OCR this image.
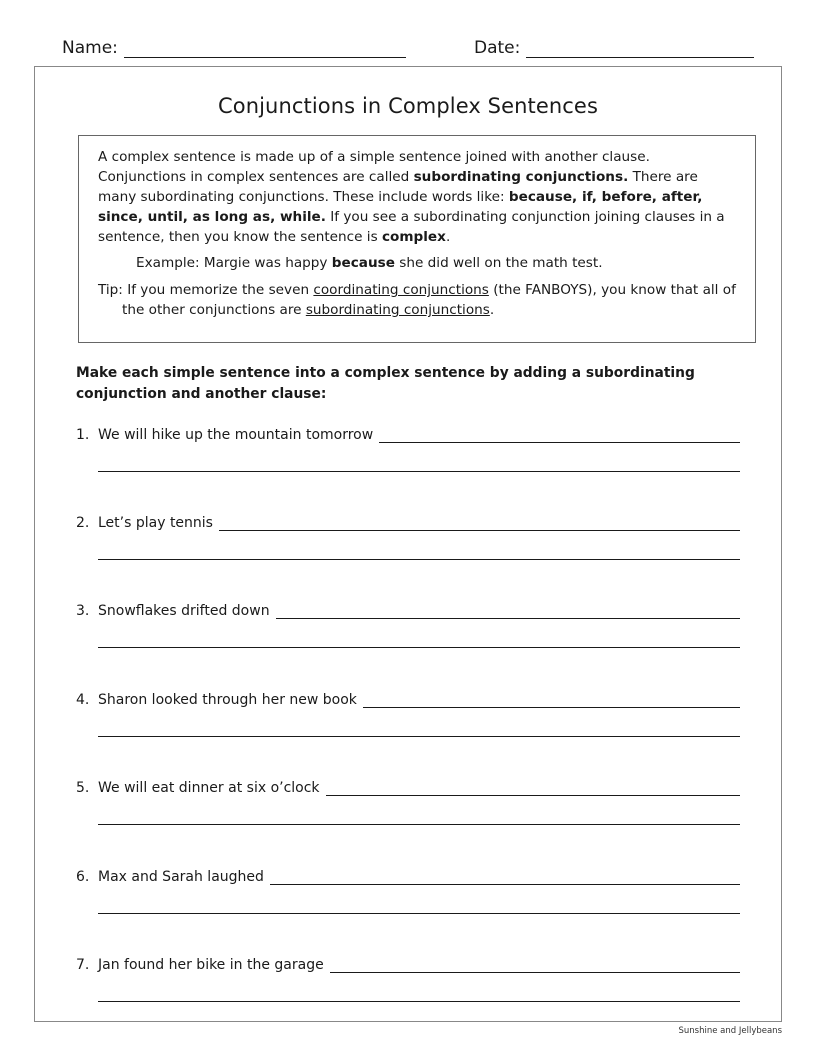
Name:	Date:
Conjunctions in Complex Sentences

A complex sentence is made up of a simple sentence joined with another clause. Conjunctions in complex sentences are called subordinating conjunctions. There are many subordinating conjunctions. These include words like: because, if, before, after, since, until, as long as, while. If you see a subordinating conjunction joining clauses in a sentence, then you know the sentence is complex.

Example: Margie was happy because she did well on the math test.

Tip: If you memorize the seven coordinating conjunctions (the FANBOYS), you know that all of the other conjunctions are subordinating conjunctions.

Make each simple sentence into a complex sentence by adding a subordinating conjunction and another clause:
1. We will hike up the mountain tomorrow
2. Let’s play tennis
3. Snowflakes drifted down
4. Sharon looked through her new book
5. We will eat dinner at six o’clock
6. Max and Sarah laughed
7. Jan found her bike in the garage
Sunshine and Jellybeans
